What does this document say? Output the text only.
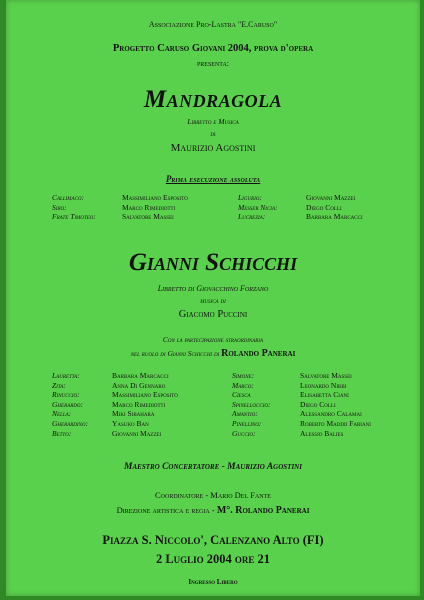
Associazione Pro-Lastra "E.Caruso"
Progetto Caruso Giovani 2004, prova d'opera
presenta:
Mandragola
Libretto e Musica
di
Maurizio Agostini
Prima esecuzione assoluta
Callimaco:	Massimiliano Esposito
Siro:	Marco Rimediotti
Frate Timoteo:	Salvatore Massei
Ligurio:	Giovanni Mazzei
Messer Nicia:	Diego Colli
Lucrezia:	Barbara Marcacci
Gianni Schicchi
Libretto di Giovacchino Forzano
musica di
Giacomo Puccini
Con la partecipazione straordinaria
nel ruolo di Gianni Schicchi di Rolando Panerai
Lauretta:	Barbara Marcacci
Zita:	Anna Di Gennaro
Rinuccio:	Massimiliano Esposito
Gherardo:	Marco Rimediotti
Nella:	Miki Sibahara
Gherardino:	Yasuko Ban
Betto:	Giovanni Mazzei
Simone:	Salvatore Massei
Marco:	Leonardo Nibbi
Ciesca	Elisabetta Ciani
Spinelloccio:	Diego Colli
Amantio:	Alessandro Calamai
Pinellino:	Roberto Maddii Fabiani
Guccio:	Alessio Balies
Maestro Concertatore - Maurizio Agostini
Coordinatore - Mario Del Fante
Direzione artistica e regia - M°. Rolando Panerai
Piazza S. Niccolo', Calenzano Alto (FI)
2 Luglio 2004 ore 21
Ingresso Libero
